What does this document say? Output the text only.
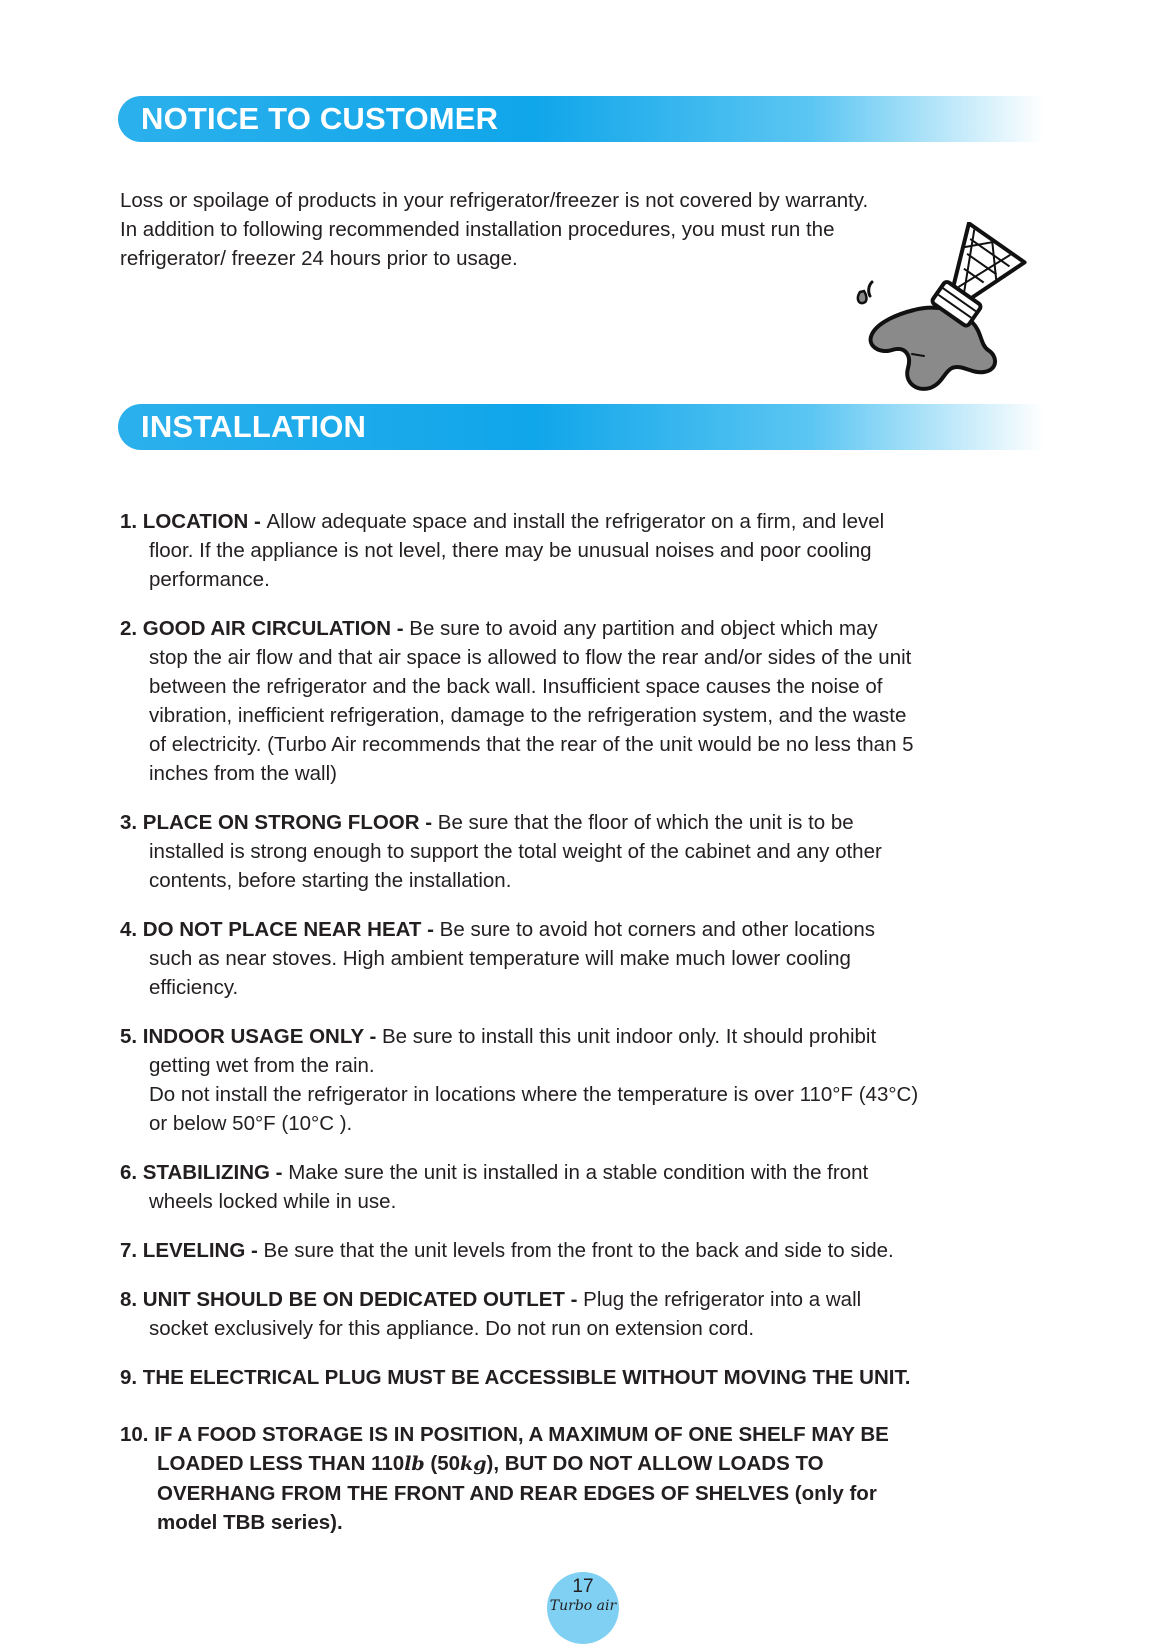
NOTICE TO CUSTOMER

Loss or spoilage of products in your refrigerator/freezer is not covered by warranty.
In addition to following recommended installation procedures, you must run the
refrigerator/ freezer 24 hours prior to usage.

INSTALLATION
1. LOCATION - Allow adequate space and install the refrigerator on a firm, and level
floor. If the appliance is not level, there may be unusual noises and poor cooling
performance.
2. GOOD AIR CIRCULATION - Be sure to avoid any partition and object which may
stop the air flow and that air space is allowed to flow the rear and/or sides of the unit
between the refrigerator and the back wall. Insufficient space causes the noise of
vibration, inefficient refrigeration, damage to the refrigeration system, and the waste
of electricity. (Turbo Air recommends that the rear of the unit would be no less than 5
inches from the wall)
3. PLACE ON STRONG FLOOR - Be sure that the floor of which the unit is to be
installed is strong enough to support the total weight of the cabinet and any other
contents, before starting the installation.
4. DO NOT PLACE NEAR HEAT - Be sure to avoid hot corners and other locations
such as near stoves. High ambient temperature will make much lower cooling
efficiency.
5. INDOOR USAGE ONLY - Be sure to install this unit indoor only. It should prohibit
getting wet from the rain.
Do not install the refrigerator in locations where the temperature is over 110°F (43°C)
or below 50°F (10°C ).
6. STABILIZING - Make sure the unit is installed in a stable condition with the front
wheels locked while in use.
7. LEVELING - Be sure that the unit levels from the front to the back and side to side.
8. UNIT SHOULD BE ON DEDICATED OUTLET - Plug the refrigerator into a wall
socket exclusively for this appliance. Do not run on extension cord.
9. THE ELECTRICAL PLUG MUST BE ACCESSIBLE WITHOUT MOVING THE UNIT.
10. IF A FOOD STORAGE IS IN POSITION, A MAXIMUM OF ONE SHELF MAY BE
LOADED LESS THAN 110lb (50kg), BUT DO NOT ALLOW LOADS TO
OVERHANG FROM THE FRONT AND REAR EDGES OF SHELVES (only for
model TBB series).
17
Turbo air
